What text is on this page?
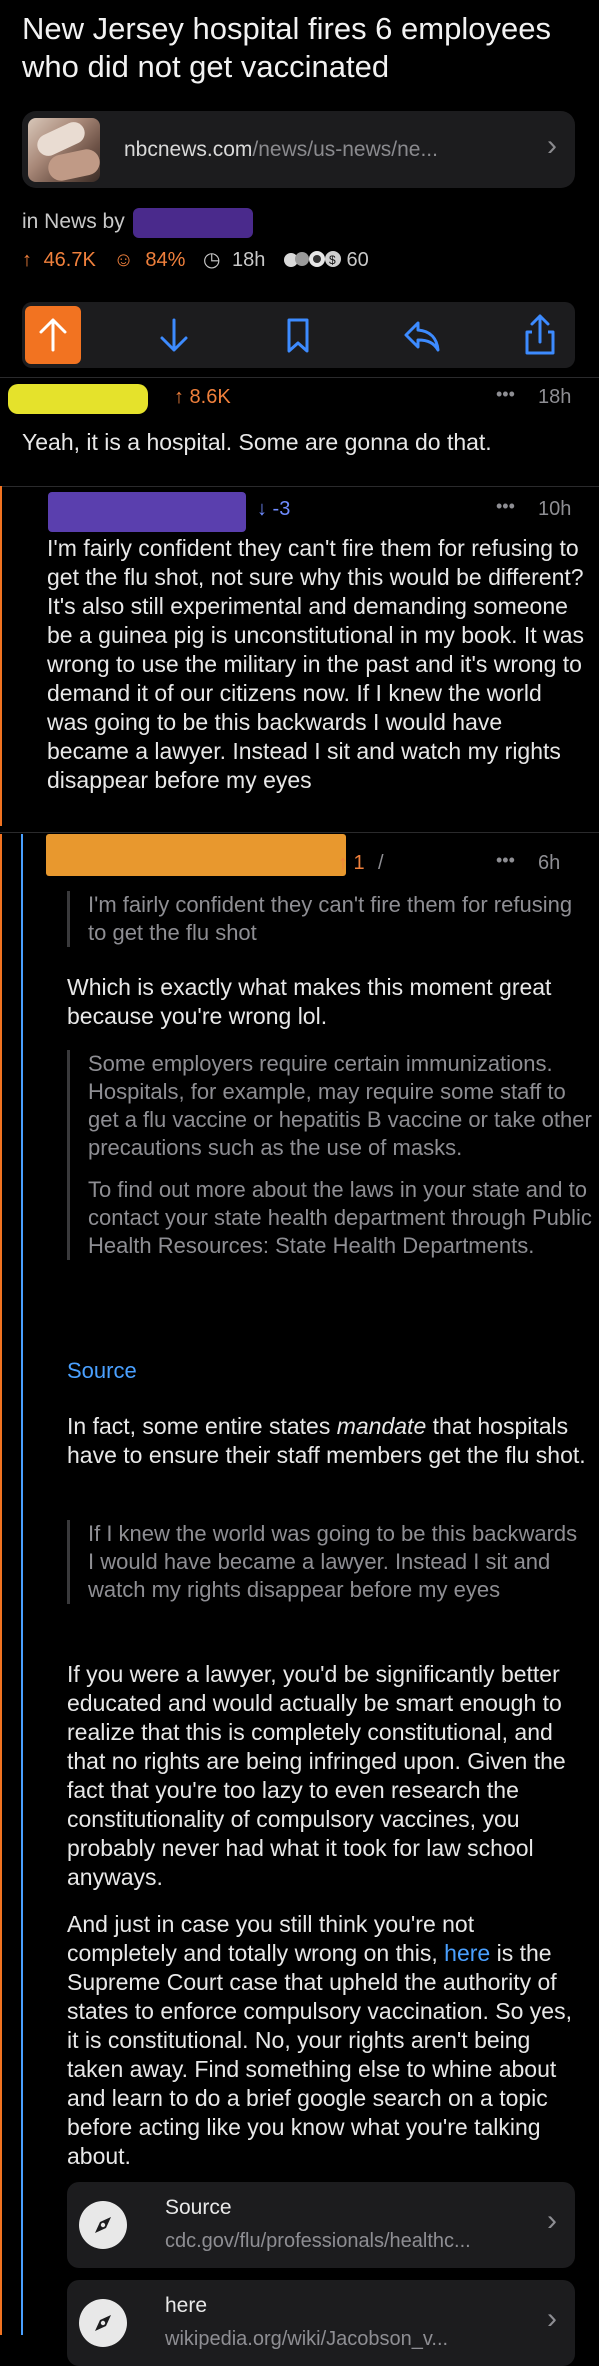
New Jersey hospital fires 6 employees who did not get vaccinated
nbcnews.com/news/us-news/ne...	›
in News by
↑ 46.7K ☺ 84% ◷ 18h	$ 60
↑ 8.6K	••• 18h
Yeah, it is a hospital. Some are gonna do that.
↓ -3	••• 10h
I'm fairly confident they can't fire them for refusing to get the flu shot, not sure why this would be different? It's also still experimental and demanding someone be a guinea pig is unconstitutional in my book. It was wrong to use the military in the past and it's wrong to demand it of our citizens now. If I knew the world was going to be this backwards I would have became a lawyer. Instead I sit and watch my rights disappear before my eyes
↑ 1 /	••• 6h
I'm fairly confident they can't fire them for refusing to get the flu shot
Which is exactly what makes this moment great because you're wrong lol.
Some employers require certain immunizations. Hospitals, for example, may require some staff to get a flu vaccine or hepatitis B vaccine or take other precautions such as the use of masks.
To find out more about the laws in your state and to contact your state health department through Public Health Resources: State Health Departments.
Source
In fact, some entire states mandate that hospitals have to ensure their staff members get the flu shot.
If I knew the world was going to be this backwards I would have became a lawyer. Instead I sit and watch my rights disappear before my eyes
If you were a lawyer, you'd be significantly better educated and would actually be smart enough to realize that this is completely constitutional, and that no rights are being infringed upon. Given the fact that you're too lazy to even research the constitutionality of compulsory vaccines, you probably never had what it took for law school anyways.
And just in case you still think you're not completely and totally wrong on this, here is the Supreme Court case that upheld the authority of states to enforce compulsory vaccination. So yes, it is constitutional. No, your rights aren't being taken away. Find something else to whine about and learn to do a brief google search on a topic before acting like you know what you're talking about.
Source
cdc.gov/flu/professionals/healthc...
›
here
wikipedia.org/wiki/Jacobson_v...
›
